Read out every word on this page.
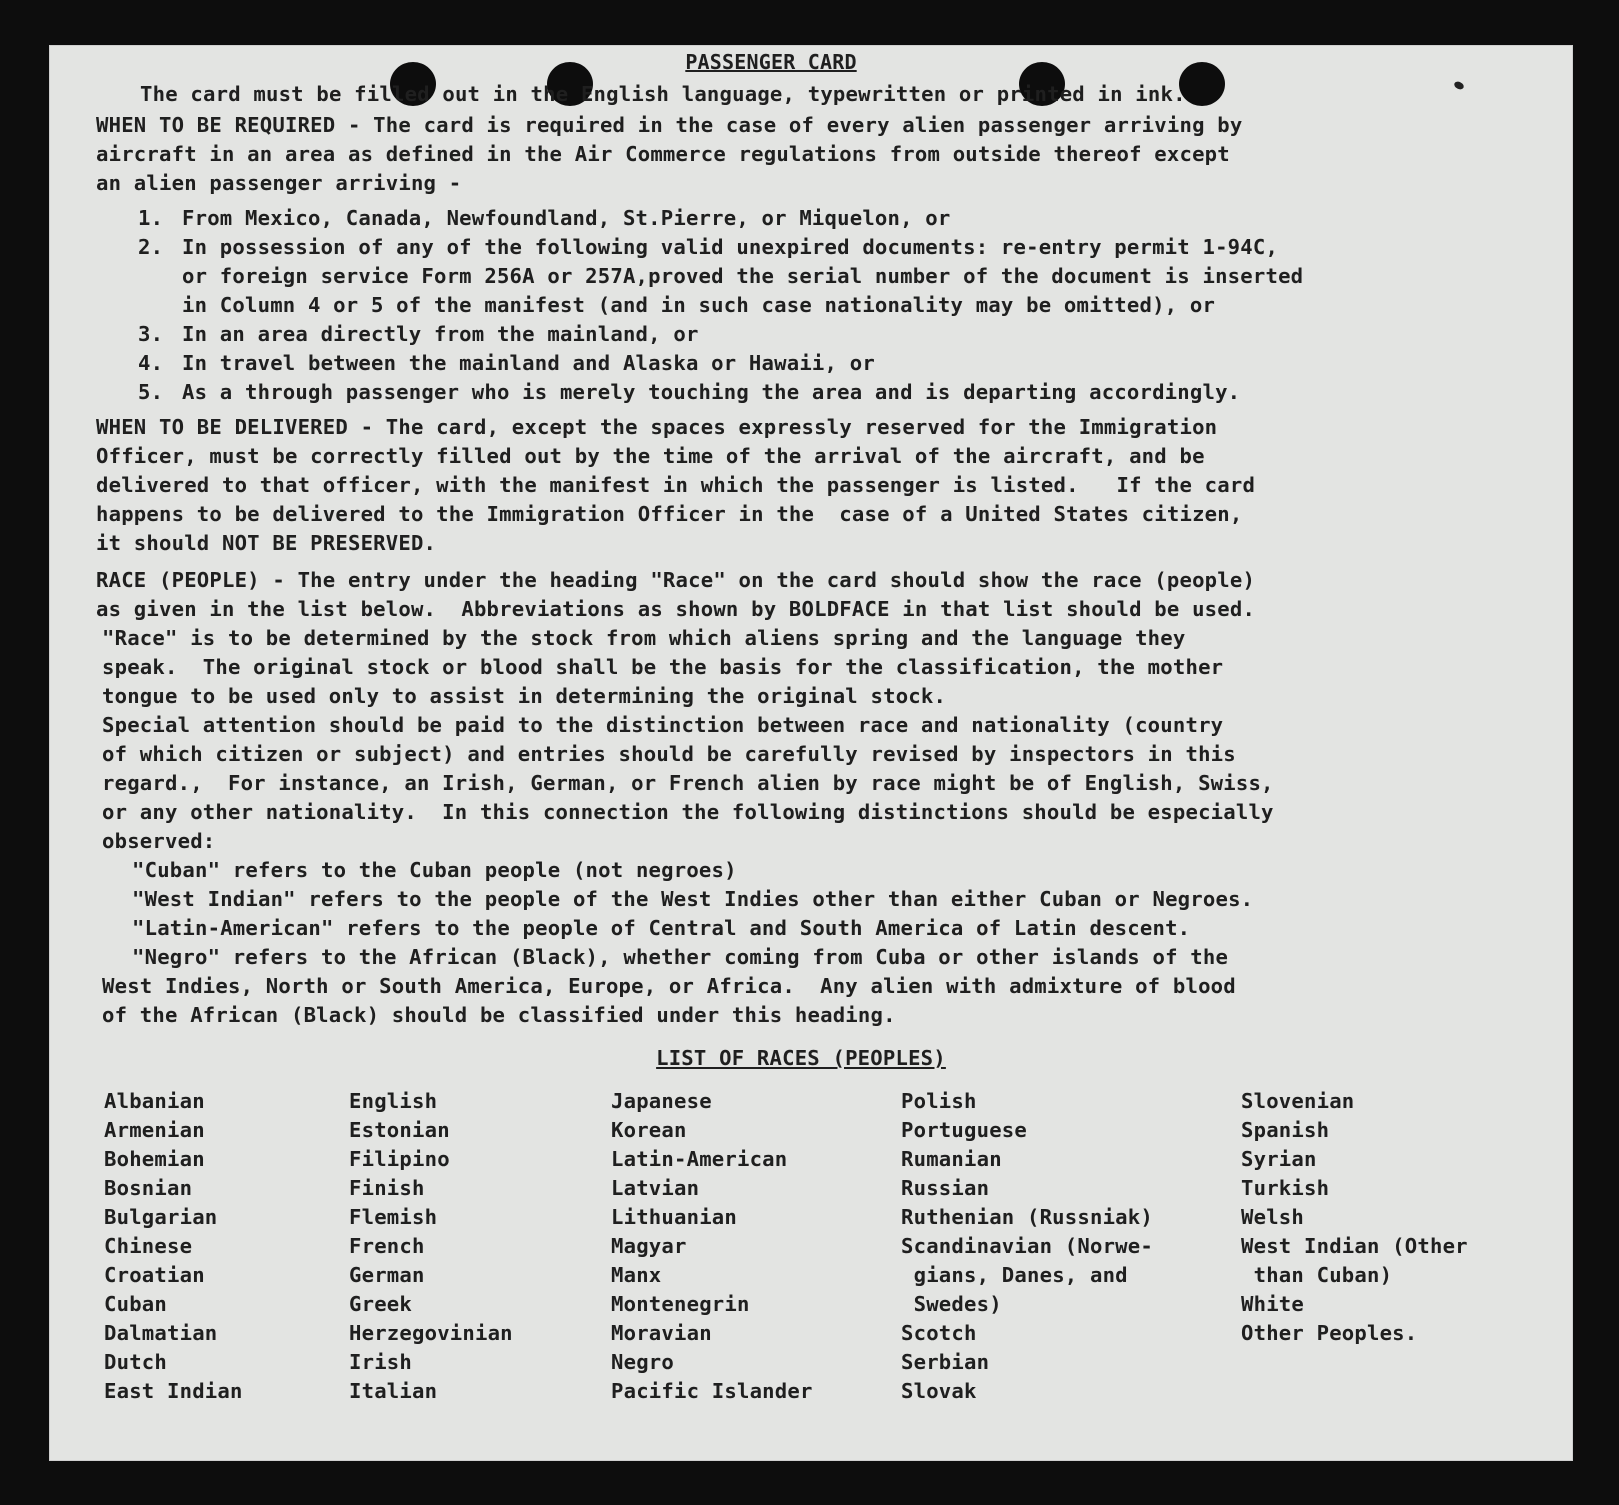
PASSENGER CARD

The card must be filled out in the English language, typewritten or printed in ink.

WHEN TO BE REQUIRED - The card is required in the case of every alien passenger arriving by
aircraft in an area as defined in the Air Commerce regulations from outside thereof except
an alien passenger arriving -

1. From Mexico, Canada, Newfoundland, St.Pierre, or Miquelon, or
2. In possession of any of the following valid unexpired documents: re-entry permit 1-94C,
or foreign service Form 256A or 257A,proved the serial number of the document is inserted
in Column 4 or 5 of the manifest (and in such case nationality may be omitted), or
3. In an area directly from the mainland, or
4. In travel between the mainland and Alaska or Hawaii, or
5. As a through passenger who is merely touching the area and is departing accordingly.

WHEN TO BE DELIVERED - The card, except the spaces expressly reserved for the Immigration
Officer, must be correctly filled out by the time of the arrival of the aircraft, and be
delivered to that officer, with the manifest in which the passenger is listed.   If the card
happens to be delivered to the Immigration Officer in the  case of a United States citizen,
it should NOT BE PRESERVED.

RACE (PEOPLE) - The entry under the heading "Race" on the card should show the race (people)
as given in the list below.  Abbreviations as shown by BOLDFACE in that list should be used.

"Race" is to be determined by the stock from which aliens spring and the language they
speak.  The original stock or blood shall be the basis for the classification, the mother
tongue to be used only to assist in determining the original stock.

Special attention should be paid to the distinction between race and nationality (country
of which citizen or subject) and entries should be carefully revised by inspectors in this
regard.,  For instance, an Irish, German, or French alien by race might be of English, Swiss,
or any other nationality.  In this connection the following distinctions should be especially
observed:

"Cuban" refers to the Cuban people (not negroes)

"West Indian" refers to the people of the West Indies other than either Cuban or Negroes.

"Latin-American" refers to the people of Central and South America of Latin descent.

"Negro" refers to the African (Black), whether coming from Cuba or other islands of the

West Indies, North or South America, Europe, or Africa.  Any alien with admixture of blood
of the African (Black) should be classified under this heading.

LIST OF RACES (PEOPLES)
Albanian
Armenian
Bohemian
Bosnian
Bulgarian
Chinese
Croatian
Cuban
Dalmatian
Dutch
East Indian
English
Estonian
Filipino
Finish
Flemish
French
German
Greek
Herzegovinian
Irish
Italian
Japanese
Korean
Latin-American
Latvian
Lithuanian
Magyar
Manx
Montenegrin
Moravian
Negro
Pacific Islander
Polish
Portuguese
Rumanian
Russian
Ruthenian (Russniak)
Scandinavian (Norwe-
gians, Danes, and
Swedes)
Scotch
Serbian
Slovak
Slovenian
Spanish
Syrian
Turkish
Welsh
West Indian (Other
than Cuban)
White
Other Peoples.
